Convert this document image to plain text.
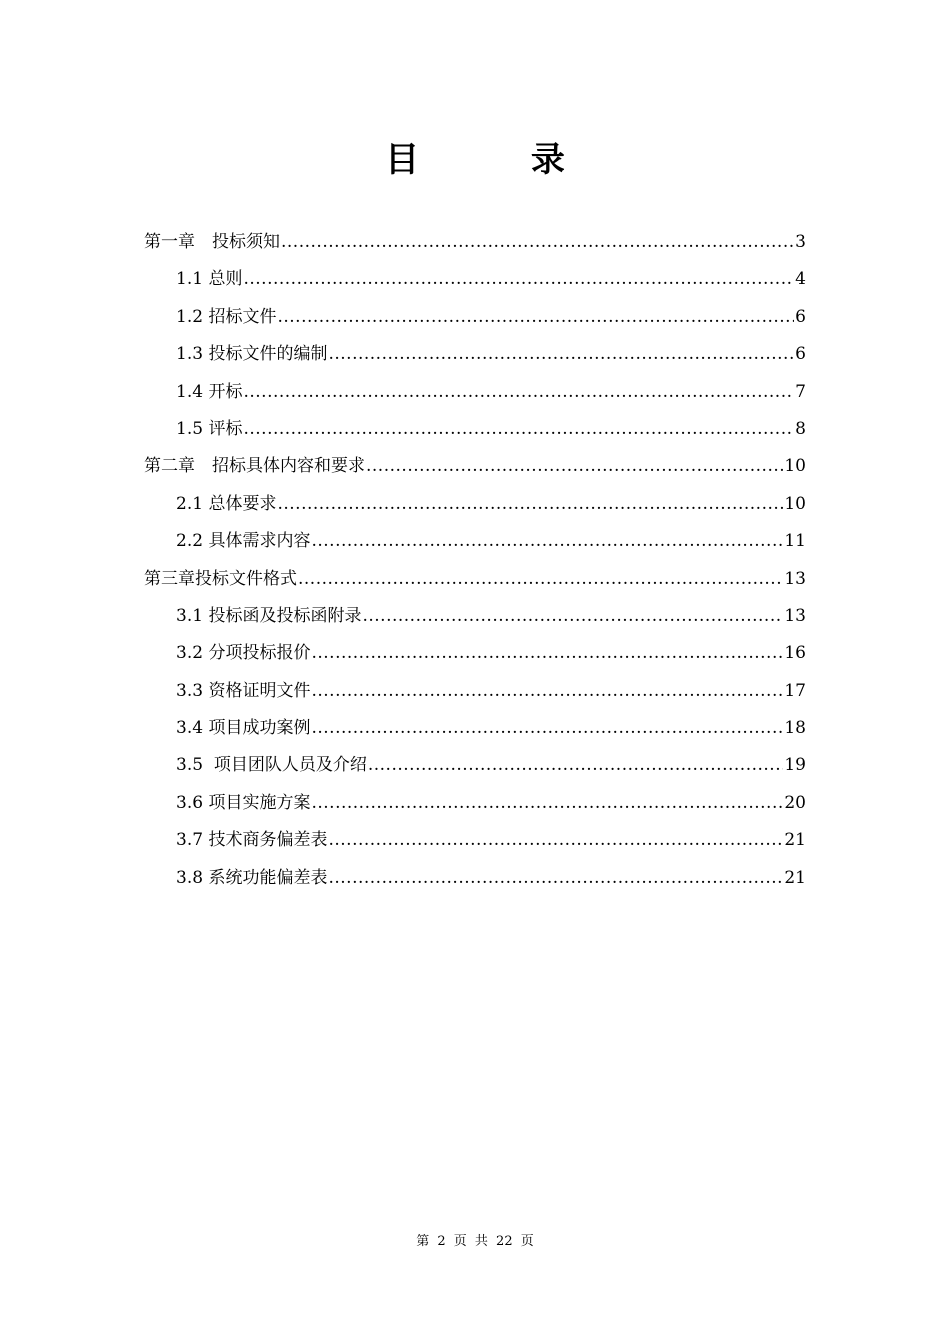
目 录
第一章　投标须知 .....	3
1.1 总则 .....	4
1.2 招标文件 .....	6
1.3 投标文件的编制 .....	6
1.4 开标 .....	7
1.5 评标 .....	8
第二章　招标具体内容和要求 .....	10
2.1 总体要求 .....	10
2.2 具体需求内容 .....	11
第三章投标文件格式 .....	13
3.1 投标函及投标函附录 .....	13
3.2 分项投标报价 .....	16
3.3 资格证明文件 .....	17
3.4 项目成功案例 .....	18
3.5  项目团队人员及介绍 .....	19
3.6 项目实施方案 .....	20
3.7 技术商务偏差表 .....	21
3.8 系统功能偏差表 .....	21
第 2 页 共 22 页
